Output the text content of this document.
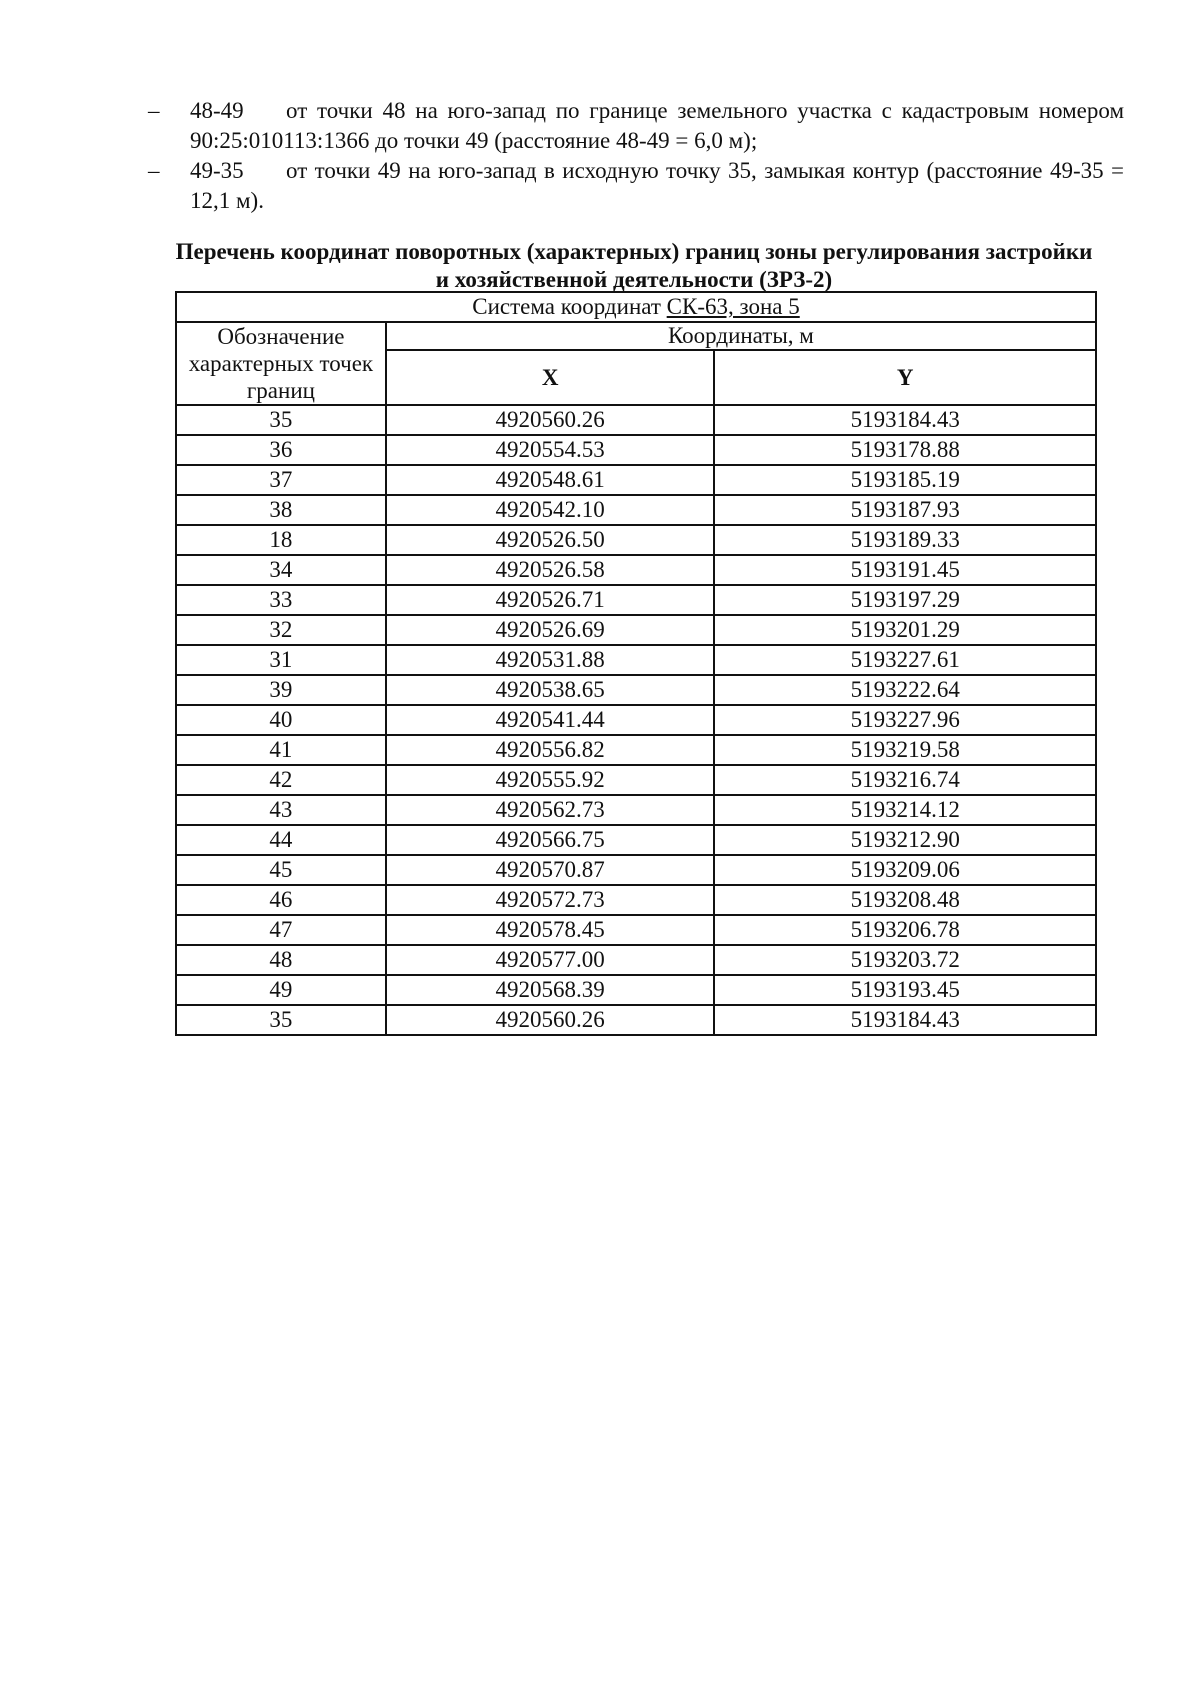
– 48-49	от точки 48 на юго-запад по границе земельного участка с кадастровым номером 90:25:010113:1366 до точки 49 (расстояние 48-49 = 6,0 м);
– 49-35	от точки 49 на юго-запад в исходную точку 35, замыкая контур (расстояние 49-35 = 12,1 м).
Перечень координат поворотных (характерных) границ зоны регулирования застройки
и хозяйственной деятельности (ЗРЗ-2)
Система координат СК-63, зона 5		
Обозначение характерных точек границ	Координаты, м	
	X	Y
35	4920560.26	5193184.43
36	4920554.53	5193178.88
37	4920548.61	5193185.19
38	4920542.10	5193187.93
18	4920526.50	5193189.33
34	4920526.58	5193191.45
33	4920526.71	5193197.29
32	4920526.69	5193201.29
31	4920531.88	5193227.61
39	4920538.65	5193222.64
40	4920541.44	5193227.96
41	4920556.82	5193219.58
42	4920555.92	5193216.74
43	4920562.73	5193214.12
44	4920566.75	5193212.90
45	4920570.87	5193209.06
46	4920572.73	5193208.48
47	4920578.45	5193206.78
48	4920577.00	5193203.72
49	4920568.39	5193193.45
35	4920560.26	5193184.43
